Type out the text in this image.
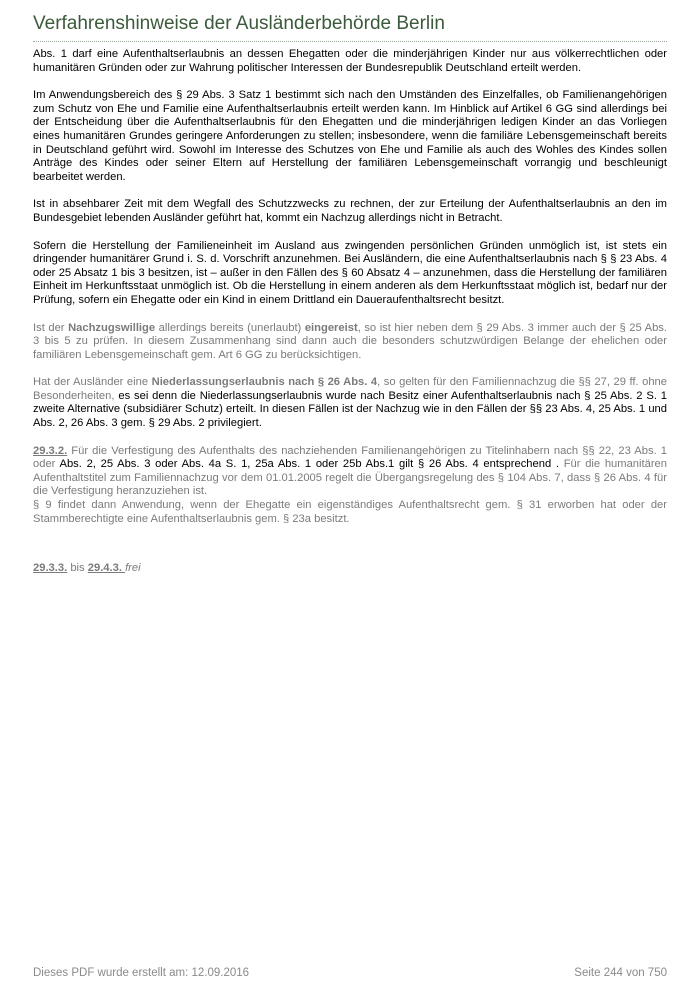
Verfahrenshinweise der Ausländerbehörde Berlin

Abs. 1 darf eine Aufenthaltserlaubnis an dessen Ehegatten oder die minderjährigen Kinder nur aus völkerrechtlichen oder humanitären Gründen oder zur Wahrung politischer Interessen der Bundesrepublik Deutschland erteilt werden.

Im Anwendungsbereich des § 29 Abs. 3 Satz 1 bestimmt sich nach den Umständen des Einzelfalles, ob Familienangehörigen zum Schutz von Ehe und Familie eine Aufenthaltserlaubnis erteilt werden kann. Im Hinblick auf Artikel 6 GG sind allerdings bei der Entscheidung über die Aufenthaltserlaubnis für den Ehegatten und die minderjährigen ledigen Kinder an das Vorliegen eines humanitären Grundes geringere Anforderungen zu stellen; insbesondere, wenn die familiäre Lebensgemeinschaft bereits in Deutschland geführt wird. Sowohl im Interesse des Schutzes von Ehe und Familie als auch des Wohles des Kindes sollen Anträge des Kindes oder seiner Eltern auf Herstellung der familiären Lebensgemeinschaft vorrangig und beschleunigt bearbeitet werden.

Ist in absehbarer Zeit mit dem Wegfall des Schutzzwecks zu rechnen, der zur Erteilung der Aufenthaltserlaubnis an den im Bundesgebiet lebenden Ausländer geführt hat, kommt ein Nachzug allerdings nicht in Betracht.

Sofern die Herstellung der Familieneinheit im Ausland aus zwingenden persönlichen Gründen unmöglich ist, ist stets ein dringender humanitärer Grund i. S. d. Vorschrift anzunehmen. Bei Ausländern, die eine Aufenthaltserlaubnis nach § § 23 Abs. 4 oder 25 Absatz 1 bis 3 besitzen, ist – außer in den Fällen des § 60 Absatz 4 – anzunehmen, dass die Herstellung der familiären Einheit im Herkunftsstaat unmöglich ist. Ob die Herstellung in einem anderen als dem Herkunftsstaat möglich ist, bedarf nur der Prüfung, sofern ein Ehegatte oder ein Kind in einem Drittland ein Daueraufenthaltsrecht besitzt.

Ist der Nachzugswillige allerdings bereits (unerlaubt) eingereist, so ist hier neben dem § 29 Abs. 3 immer auch der § 25 Abs. 3 bis 5 zu prüfen. In diesem Zusammenhang sind dann auch die besonders schutzwürdigen Belange der ehelichen oder familiären Lebensgemeinschaft gem. Art 6 GG zu berücksichtigen.

Hat der Ausländer eine Niederlassungserlaubnis nach § 26 Abs. 4, so gelten für den Familiennachzug die §§ 27, 29 ff. ohne Besonderheiten, es sei denn die Niederlassungserlaubnis wurde nach Besitz einer Aufenthaltserlaubnis nach § 25 Abs. 2 S. 1 zweite Alternative (subsidiärer Schutz) erteilt. In diesen Fällen ist der Nachzug wie in den Fällen der §§ 23 Abs. 4, 25 Abs. 1 und Abs. 2, 26 Abs. 3 gem. § 29 Abs. 2 privilegiert.

29.3.2. Für die Verfestigung des Aufenthalts des nachziehenden Familienangehörigen zu Titelinhabern nach §§ 22, 23 Abs. 1 oder Abs. 2, 25 Abs. 3 oder Abs. 4a S. 1, 25a Abs. 1 oder 25b Abs.1 gilt § 26 Abs. 4 entsprechend . Für die humanitären Aufenthaltstitel zum Familiennachzug vor dem 01.01.2005 regelt die Übergangsregelung des § 104 Abs. 7, dass § 26 Abs. 4 für die Verfestigung heranzuziehen ist.
§ 9 findet dann Anwendung, wenn der Ehegatte ein eigenständiges Aufenthaltsrecht gem. § 31 erworben hat oder der Stammberechtigte eine Aufenthaltserlaubnis gem. § 23a besitzt.

29.3.3. bis 29.4.3. frei

Dieses PDF wurde erstellt am: 12.09.2016	Seite 244 von 750
